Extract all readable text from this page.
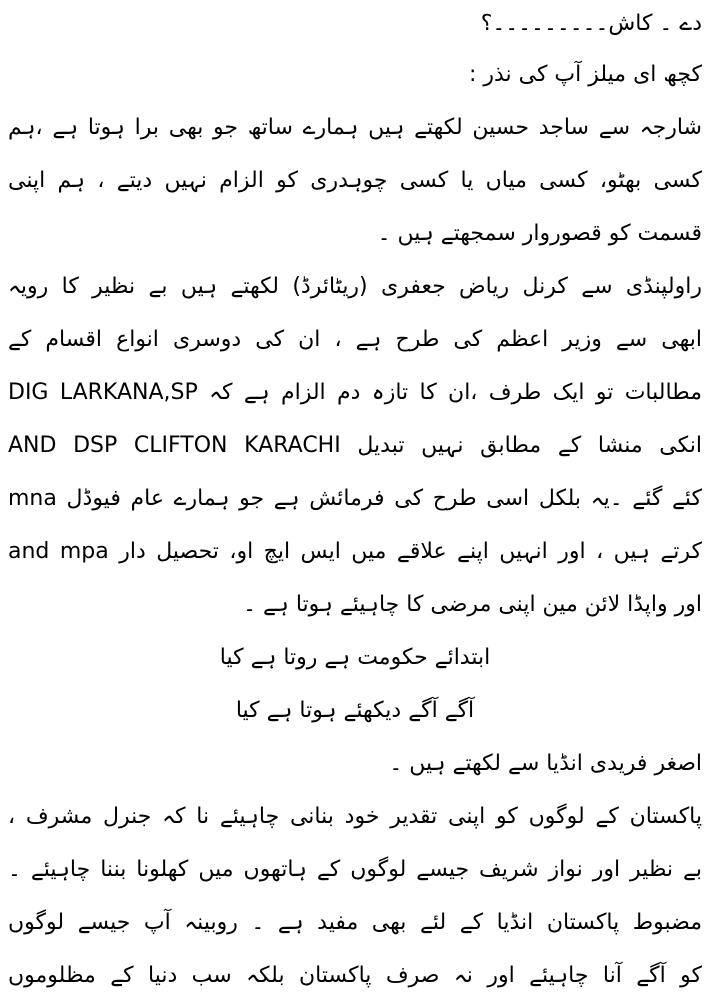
دے ۔ کاش۔۔۔۔۔۔۔۔۔؟
کچھ ای میلز آپ کی نذر :
شارجہ سے ساجد حسین لکھتے ہیں ہمارے ساتھ جو بھی برا ہوتا ہے ،ہم
کسی بھٹو، کسی میاں یا کسی چوہدری کو الزام نہیں دیتے ، ہم اپنی
قسمت کو قصوروار سمجھتے ہیں ۔
راولپنڈی سے کرنل ریاض جعفری (ریٹائرڈ) لکھتے ہیں بے نظیر کا رویہ
ابھی سے وزیر اعظم کی طرح ہے ، ان کی دوسری انواع اقسام کے
مطالبات تو ایک طرف ،ان کا تازہ دم الزام ہے کہ DIG LARKANA,SP
AND DSP CLIFTON KARACHI انکی منشا کے مطابق نہیں تبدیل
کئے گئے ۔یہ بلکل اسی طرح کی فرمائش ہے جو ہمارے عام فیوڈل mna
and mpa کرتے ہیں ، اور انہیں اپنے علاقے میں ایس ایچ او، تحصیل دار
اور واپڈا لائن مین اپنی مرضی کا چاہیئے ہوتا ہے ۔
ابتدائے حکومت ہے روتا ہے کیا
آگے آگے دیکھئے ہوتا ہے کیا
اصغر فریدی انڈیا سے لکھتے ہیں ۔
پاکستان کے لوگوں کو اپنی تقدیر خود بنانی چاہیئے نا کہ جنرل مشرف ،
بے نظیر اور نواز شریف جیسے لوگوں کے ہاتھوں میں کھلونا بننا چاہیئے ۔
مضبوط پاکستان انڈیا کے لئے بھی مفید ہے ۔ روبینہ آپ جیسے لوگوں
کو آگے آنا چاہیئے اور نہ صرف پاکستان بلکہ سب دنیا کے مظلوموں
